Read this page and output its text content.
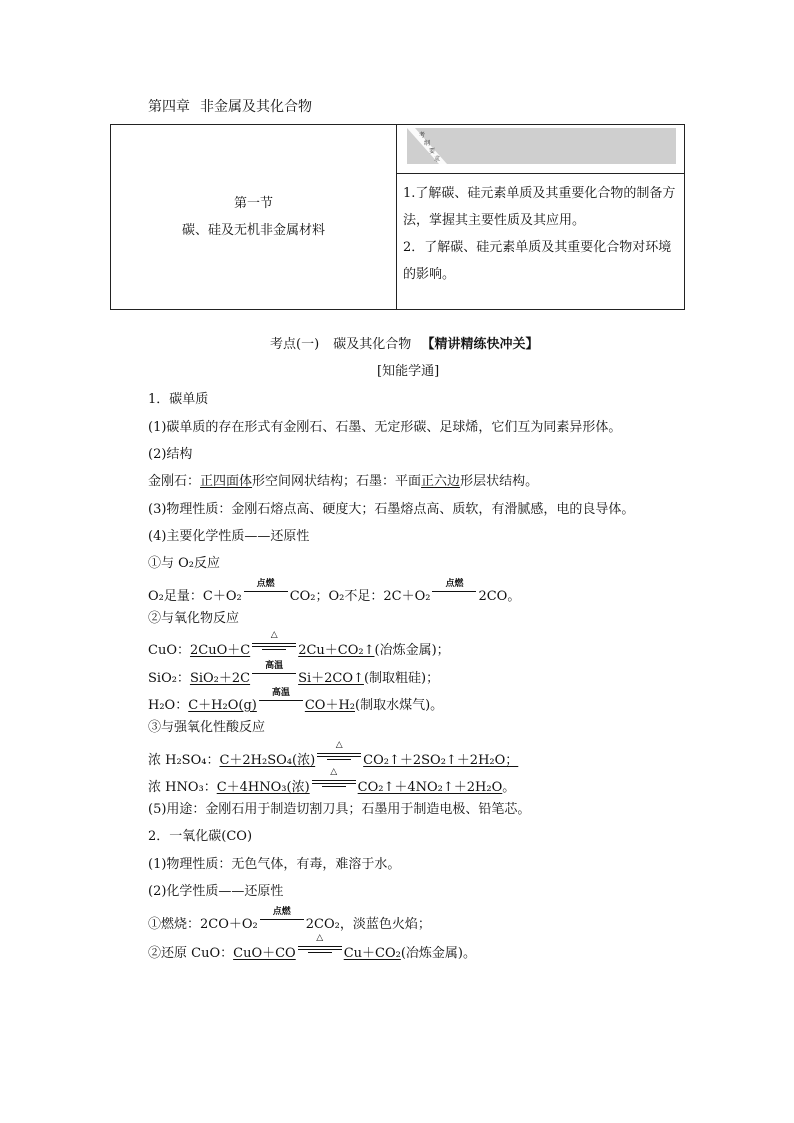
第四章 非金属及其化合物
第一节
碳、硅及无机非金属材料

考
纲
要
求

1.了解碳、硅元素单质及其重要化合物的制备方法，掌握其主要性质及其应用。
2．了解碳、硅元素单质及其重要化合物对环境的影响。
考点(一) 碳及其化合物 【精讲精练快冲关】
[知能学通]
1．碳单质
(1)碳单质的存在形式有金刚石、石墨、无定形碳、足球烯，它们互为同素异形体。
(2)结构
金刚石：正四面体形空间网状结构；石墨：平面正六边形层状结构。
(3)物理性质：金刚石熔点高、硬度大；石墨熔点高、质软，有滑腻感，电的良导体。
(4)主要化学性质——还原性
①与 O₂反应
O₂足量：C＋O₂
点燃
CO₂；O₂不足：2C＋O₂
点燃
2CO。
②与氧化物反应
CuO：2CuO＋C
△
2Cu＋CO₂↑(冶炼金属)；
SiO₂：SiO₂＋2C
高温
Si＋2CO↑(制取粗硅)；
H₂O：C＋H₂O(g)
高温
CO＋H₂(制取水煤气)。
③与强氧化性酸反应
浓 H₂SO₄：C＋2H₂SO₄(浓)
△
CO₂↑＋2SO₂↑＋2H₂O；
浓 HNO₃：C＋4HNO₃(浓)
△
CO₂↑＋4NO₂↑＋2H₂O。
(5)用途：金刚石用于制造切割刀具；石墨用于制造电极、铅笔芯。
2．一氧化碳(CO)
(1)物理性质：无色气体，有毒，难溶于水。
(2)化学性质——还原性
①燃烧：2CO＋O₂
点燃
2CO₂，淡蓝色火焰；
②还原 CuO：CuO＋CO
△
Cu＋CO₂(冶炼金属)。
